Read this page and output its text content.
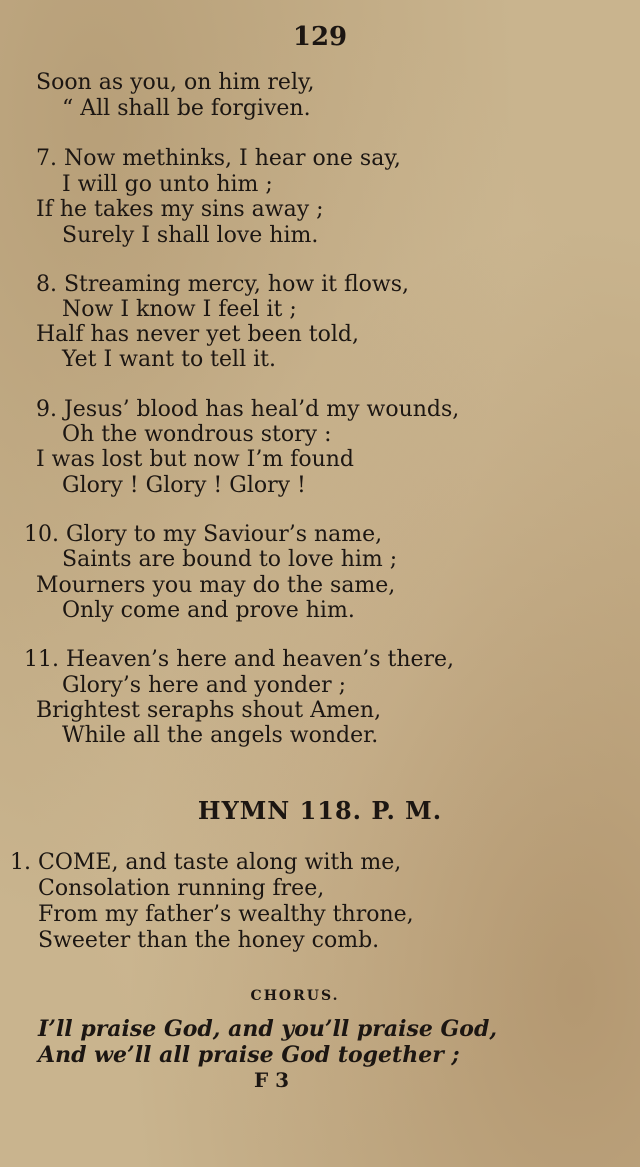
129
Soon as you, on him rely,
“ All shall be forgiven.
7. Now methinks, I hear one say,
I will go unto him ;
If he takes my sins away ;
Surely I shall love him.
8. Streaming mercy, how it flows,
Now I know I feel it ;
Half has never yet been told,
Yet I want to tell it.
9. Jesus’ blood has heal’d my wounds,
Oh the wondrous story :
I was lost but now I’m found
Glory ! Glory ! Glory !
10. Glory to my Saviour’s name,
Saints are bound to love him ;
Mourners you may do the same,
Only come and prove him.
11. Heaven’s here and heaven’s there,
Glory’s here and yonder ;
Brightest seraphs shout Amen,
While all the angels wonder.
HYMN 118. P. M.
1. COME, and taste along with me,
Consolation running free,
From my father’s wealthy throne,
Sweeter than the honey comb.
CHORUS.
I’ll praise God, and you’ll praise God,
And we’ll all praise God together ;
F 3
